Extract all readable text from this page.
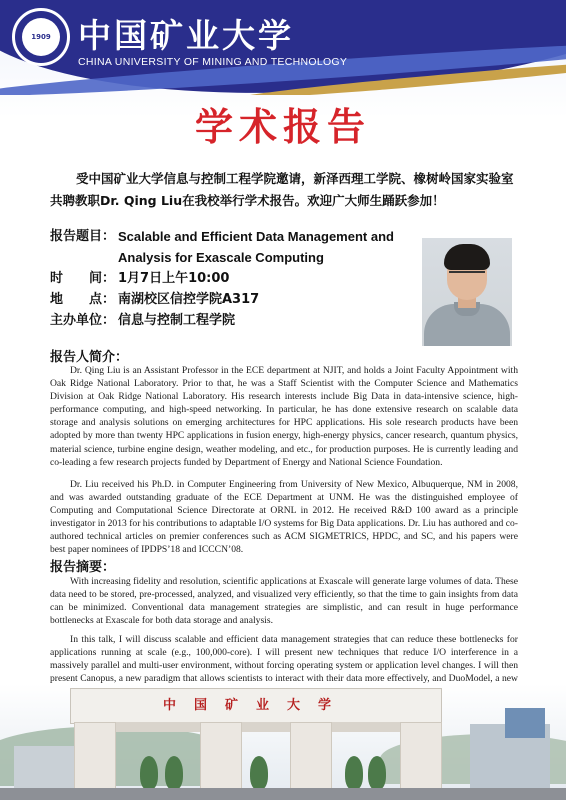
1909 中国矿业大学
CHINA UNIVERSITY OF MINING AND TECHNOLOGY
学术报告
受中国矿业大学信息与控制工程学院邀请，新泽西理工学院、橡树岭国家实验室共聘教职Dr. Qing Liu在我校举行学术报告。欢迎广大师生踊跃参加！
报告题目： Scalable and Efficient Data Management and Analysis for Exascale Computing
时　　间： 1月7日上午10:00
地　　点： 南湖校区信控学院A317
主办单位： 信息与控制工程学院
报告人简介：
Dr. Qing Liu is an Assistant Professor in the ECE department at NJIT, and holds a Joint Faculty Appointment with Oak Ridge National Laboratory. Prior to that, he was a Staff Scientist with the Computer Science and Mathematics Division at Oak Ridge National Laboratory. His research interests include Big Data in data-intensive science, high-performance computing, and high-speed networking. In particular, he has done extensive research on scalable data storage and analysis solutions on emerging architectures for HPC applications. His sole research products have been adopted by more than twenty HPC applications in fusion energy, high-energy physics, cancer research, quantum physics, material science, turbine engine design, weather modeling, and etc., for production purposes. He is currently leading and co-leading a few research projects funded by Department of Energy and National Science Foundation.
Dr. Liu received his Ph.D. in Computer Engineering from University of New Mexico, Albuquerque, NM in 2008, and was awarded outstanding graduate of the ECE Department at UNM. He was the distinguished employee of Computing and Computational Science Directorate at ORNL in 2012. He received R&D 100 award as a principle investigator in 2013 for his contributions to adaptable I/O systems for Big Data applications. Dr. Liu has authored and co-authored technical articles on premier conferences such as ACM SIGMETRICS, HPDC, and SC, and his papers were best paper nominees of IPDPS’18 and ICCCN’08.
报告摘要：
With increasing fidelity and resolution, scientific applications at Exascale will generate large volumes of data. These data need to be stored, pre-processed, analyzed, and visualized very efficiently, so that the time to gain insights from data can be minimized. Conventional data management strategies are simplistic, and can result in huge performance bottlenecks at Exascale for both data storage and analysis.
In this talk, I will discuss scalable and efficient data management strategies that can reduce these bottlenecks for applications running at scale (e.g., 100,000-core). I will present new techniques that reduce I/O interference in a massively parallel and multi-user environment, without forcing operating system or application level changes. I will then present Canopus, a new paradigm that allows scientists to interact with their data more effectively, and DuoModel, a new
中国矿业大学
